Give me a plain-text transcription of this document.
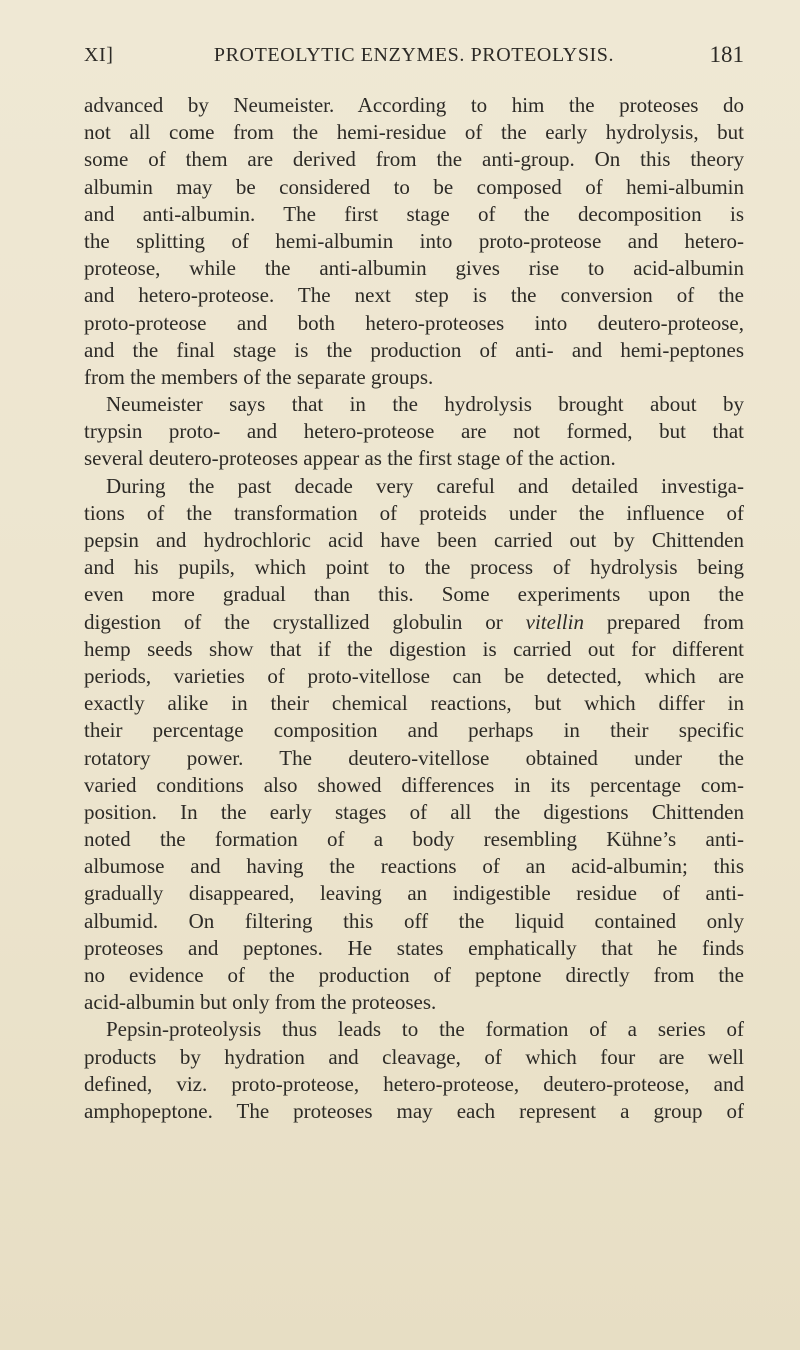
XI]	PROTEOLYTIC ENZYMES. PROTEOLYSIS.	181
advanced by Neumeister. According to him the proteoses do
not all come from the hemi-residue of the early hydrolysis, but
some of them are derived from the anti-group. On this theory
albumin may be considered to be composed of hemi-albumin
and anti-albumin. The first stage of the decomposition is
the splitting of hemi-albumin into proto-proteose and hetero-
proteose, while the anti-albumin gives rise to acid-albumin
and hetero-proteose. The next step is the conversion of the
proto-proteose and both hetero-proteoses into deutero-proteose,
and the final stage is the production of anti- and hemi-peptones
from the members of the separate groups.
Neumeister says that in the hydrolysis brought about by
trypsin proto- and hetero-proteose are not formed, but that
several deutero-proteoses appear as the first stage of the action.
During the past decade very careful and detailed investiga-
tions of the transformation of proteids under the influence of
pepsin and hydrochloric acid have been carried out by Chittenden
and his pupils, which point to the process of hydrolysis being
even more gradual than this. Some experiments upon the
digestion of the crystallized globulin or vitellin prepared from
hemp seeds show that if the digestion is carried out for different
periods, varieties of proto-vitellose can be detected, which are
exactly alike in their chemical reactions, but which differ in
their percentage composition and perhaps in their specific
rotatory power. The deutero-vitellose obtained under the
varied conditions also showed differences in its percentage com-
position. In the early stages of all the digestions Chittenden
noted the formation of a body resembling Kühne’s anti-
albumose and having the reactions of an acid-albumin; this
gradually disappeared, leaving an indigestible residue of anti-
albumid. On filtering this off the liquid contained only
proteoses and peptones. He states emphatically that he finds
no evidence of the production of peptone directly from the
acid-albumin but only from the proteoses.
Pepsin-proteolysis thus leads to the formation of a series of
products by hydration and cleavage, of which four are well
defined, viz. proto-proteose, hetero-proteose, deutero-proteose, and
amphopeptone. The proteoses may each represent a group of
